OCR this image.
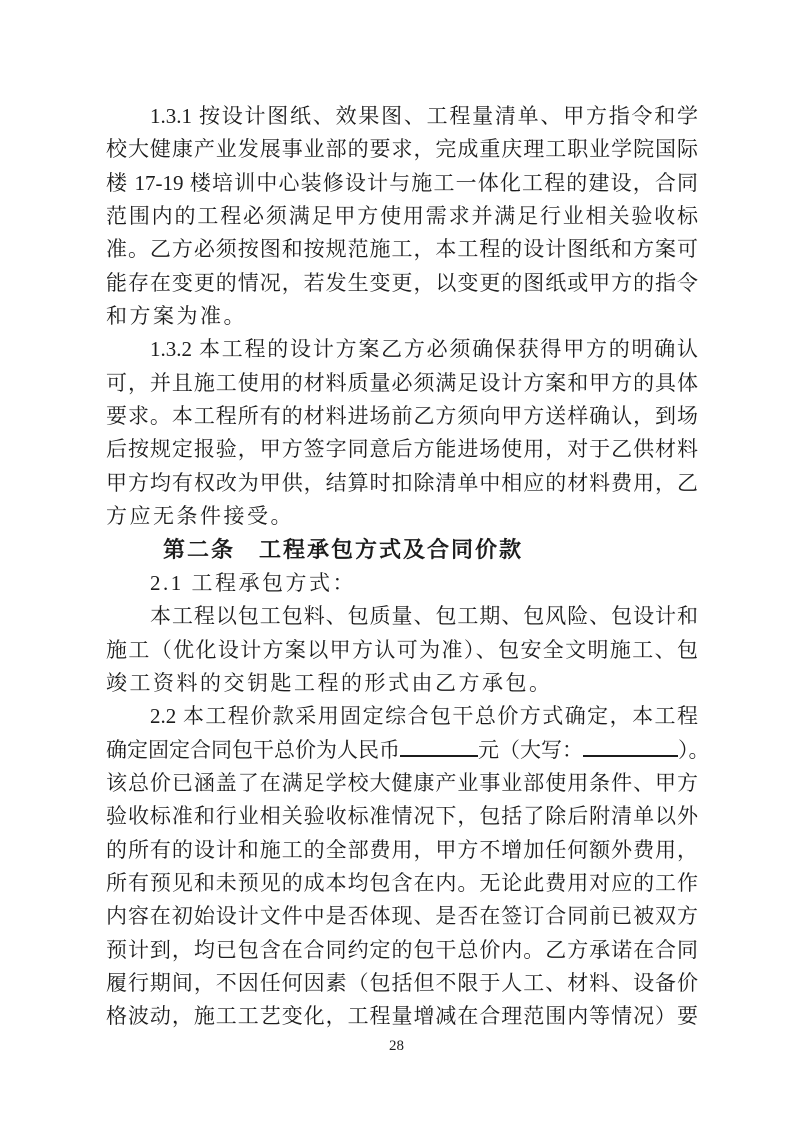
1.3.1 按设计图纸、效果图、工程量清单、甲方指令和学
校大健康产业发展事业部的要求，完成重庆理工职业学院国际
楼 17-19 楼培训中心装修设计与施工一体化工程的建设，合同
范围内的工程必须满足甲方使用需求并满足行业相关验收标
准。乙方必须按图和按规范施工，本工程的设计图纸和方案可
能存在变更的情况，若发生变更，以变更的图纸或甲方的指令
和方案为准。
1.3.2 本工程的设计方案乙方必须确保获得甲方的明确认
可，并且施工使用的材料质量必须满足设计方案和甲方的具体
要求。本工程所有的材料进场前乙方须向甲方送样确认，到场
后按规定报验，甲方签字同意后方能进场使用，对于乙供材料
甲方均有权改为甲供，结算时扣除清单中相应的材料费用，乙
方应无条件接受。
第二条　工程承包方式及合同价款
2.1 工程承包方式：
本工程以包工包料、包质量、包工期、包风险、包设计和
施工（优化设计方案以甲方认可为准）、包安全文明施工、包
竣工资料的交钥匙工程的形式由乙方承包。
2.2 本工程价款采用固定综合包干总价方式确定，本工程
确定固定合同包干总价为人民币	元（大写：	）。
该总价已涵盖了在满足学校大健康产业事业部使用条件、甲方
验收标准和行业相关验收标准情况下，包括了除后附清单以外
的所有的设计和施工的全部费用，甲方不增加任何额外费用，
所有预见和未预见的成本均包含在内。无论此费用对应的工作
内容在初始设计文件中是否体现、是否在签订合同前已被双方
预计到，均已包含在合同约定的包干总价内。乙方承诺在合同
履行期间，不因任何因素（包括但不限于人工、材料、设备价
格波动，施工工艺变化，工程量增减在合理范围内等情况）要
28
